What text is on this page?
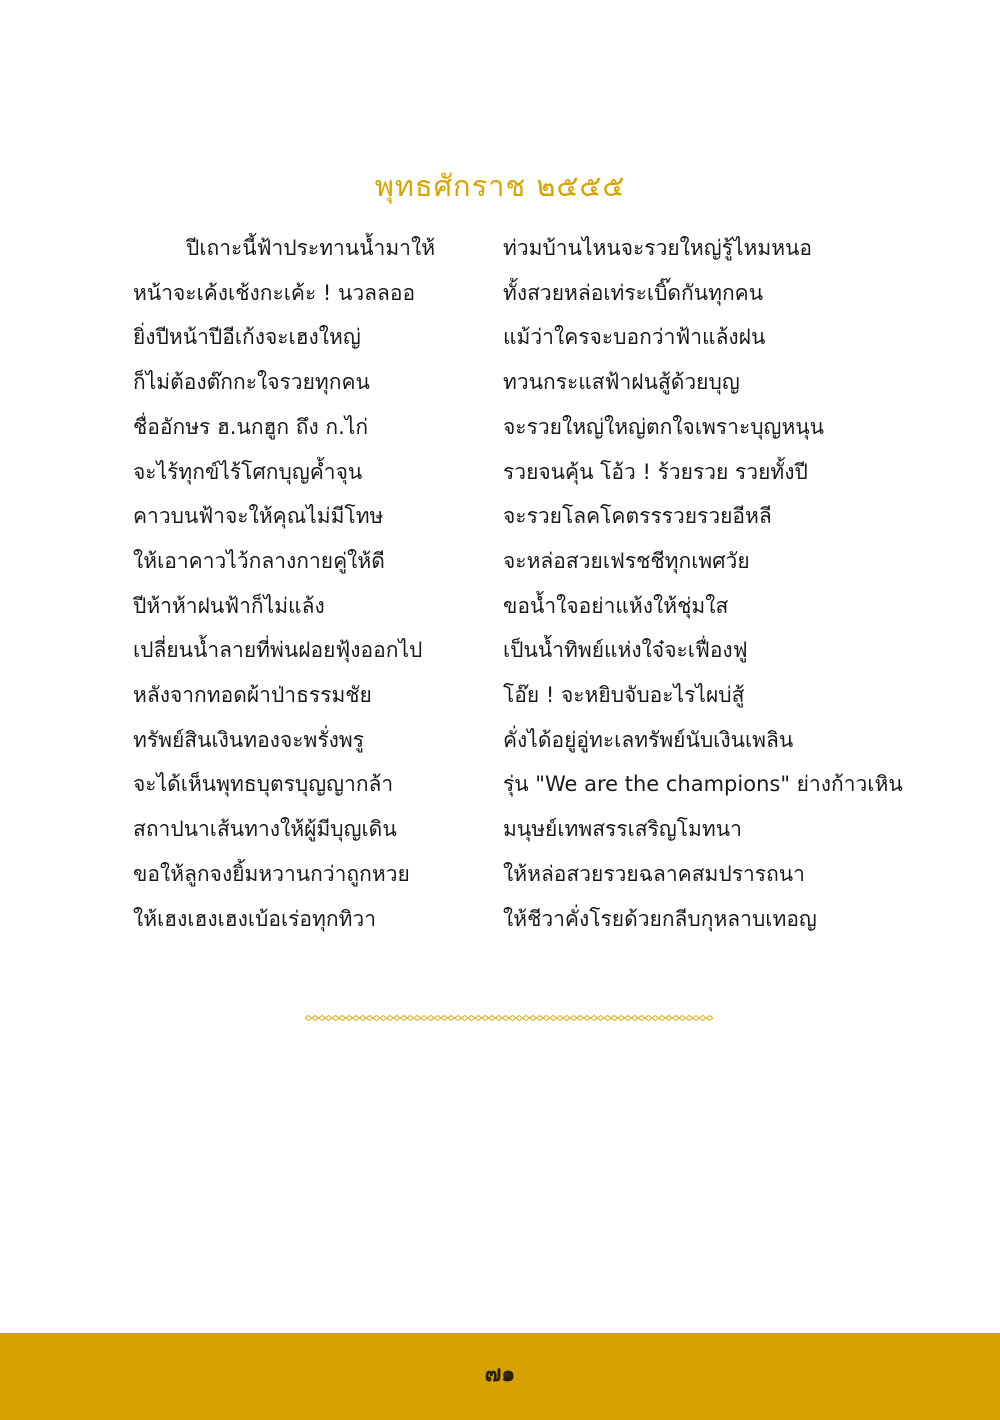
พุทธศักราช ๒๕๕๕
ปีเถาะนี้ฟ้าประทานน้ำมาให้	ท่วมบ้านไหนจะรวยใหญ่รู้ไหมหนอ
หน้าจะเค้งเช้งกะเค้ะ ! นวลลออ	ทั้งสวยหล่อเท่ระเบิ๊ดกันทุกคน
ยิ่งปีหน้าปีอีเก้งจะเฮงใหญ่	แม้ว่าใครจะบอกว่าฟ้าแล้งฝน
ก็ไม่ต้องต๊กกะใจรวยทุกคน	ทวนกระแสฟ้าฝนสู้ด้วยบุญ
ชื่ออักษร ฮ.นกฮูก ถึง ก.ไก่	จะรวยใหญ่ใหญ่ตกใจเพราะบุญหนุน
จะไร้ทุกข์ไร้โศกบุญค้ำจุน	รวยจนคุ้น โอ้ว ! ร้วยรวย รวยทั้งปี
คาวบนฟ้าจะให้คุณไม่มีโทษ	จะรวยโลคโคตรรรวยรวยอีหลี
ให้เอาคาวไว้กลางกายคู่ให้ดี	จะหล่อสวยเฟรชชีทุกเพศวัย
ปีห้าห้าฝนฟ้าก็ไม่แล้ง	ขอน้ำใจอย่าแห้งให้ชุ่มใส
เปลี่ยนน้ำลายที่พ่นฝอยฟุ้งออกไป	เป็นน้ำทิพย์แห่งใจ๋จะเฟื่องฟู
หลังจากทอดผ้าป่าธรรมชัย	โอ๊ย ! จะหยิบจับอะไรไผบ่สู้
ทรัพย์สินเงินทองจะพรั่งพรู	คั่งได้อยู่อู่ทะเลทรัพย์นับเงินเพลิน
จะได้เห็นพุทธบุตรบุญญากล้า	รุ่น "We are the champions" ย่างก้าวเหิน
สถาปนาเส้นทางให้ผู้มีบุญเดิน	มนุษย์เทพสรรเสริญโมทนา
ขอให้ลูกจงยิ้มหวานกว่าถูกหวย	ให้หล่อสวยรวยฉลาคสมปรารถนา
ให้เฮงเฮงเฮงเบ้อเร่อทุกทิวา	ให้ชีวาคั่งโรยด้วยกลีบกุหลาบเทอญ
๗๑
